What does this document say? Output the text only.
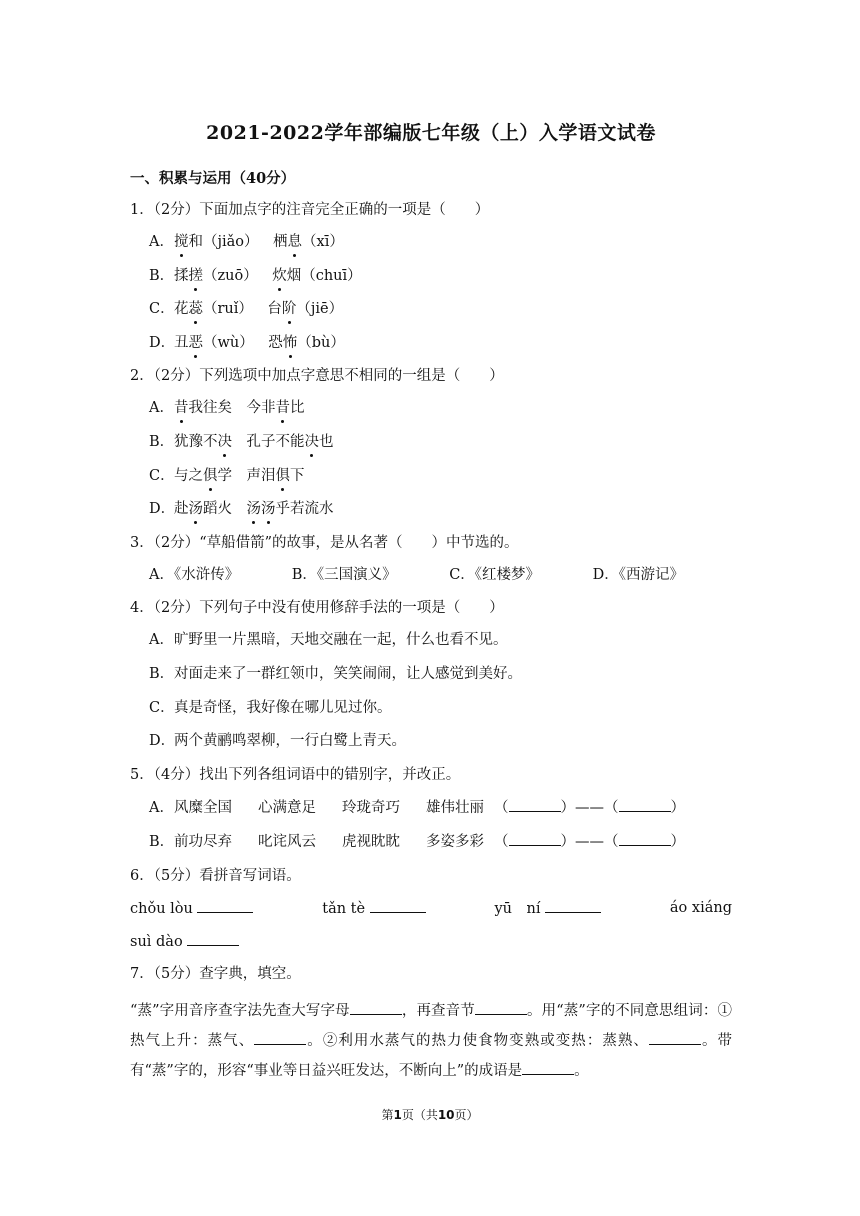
2021-2022学年部编版七年级（上）入学语文试卷
一、积累与运用（40分）
1．（2分）下面加点字的注音完全正确的一项是（　　）
A．搅和（jiǎo）  栖息（xī）
B．揉搓（zuō）  炊烟（chuī）
C．花蕊（ruǐ）  台阶（jiē）
D．丑恶（wù）  恐怖（bù）
2．（2分）下列选项中加点字意思不相同的一组是（　　）
A．昔我往矣   今非昔比
B．犹豫不决   孔子不能决也
C．与之俱学   声泪俱下
D．赴汤蹈火   汤汤乎若流水
3．（2分）“草船借箭”的故事，是从名著（　　）中节选的。
A．《水浒传》	B．《三国演义》	C．《红楼梦》	D．《西游记》
4．（2分）下列句子中没有使用修辞手法的一项是（　　）
A．旷野里一片黑暗，天地交融在一起，什么也看不见。
B．对面走来了一群红领巾，笑笑闹闹，让人感觉到美好。
C．真是奇怪，我好像在哪儿见过你。
D．两个黄鹂鸣翠柳，一行白鹭上青天。
5．（4分）找出下列各组词语中的错别字，并改正。
A．风糜全国 心满意足 玲珑奇巧 雄伟壮丽 （	）——（	）
B．前功尽弃 叱诧风云 虎视眈眈 多姿多彩 （	）——（	）
6．（5分）看拼音写词语。
chǒu lòu	tǎn tè	yū　ní	áo xiáng
suì dào
7．（5分）查字典，填空。

“蒸”字用音序查字法先查大写字母	，再查音节	。用“蒸”字的不同意思组词：①热气上升：蒸气、	。②利用水蒸气的热力使食物变熟或变热：蒸熟、	。带有“蒸”字的，形容“事业等日益兴旺发达，不断向上”的成语是	。

第1页（共10页）
